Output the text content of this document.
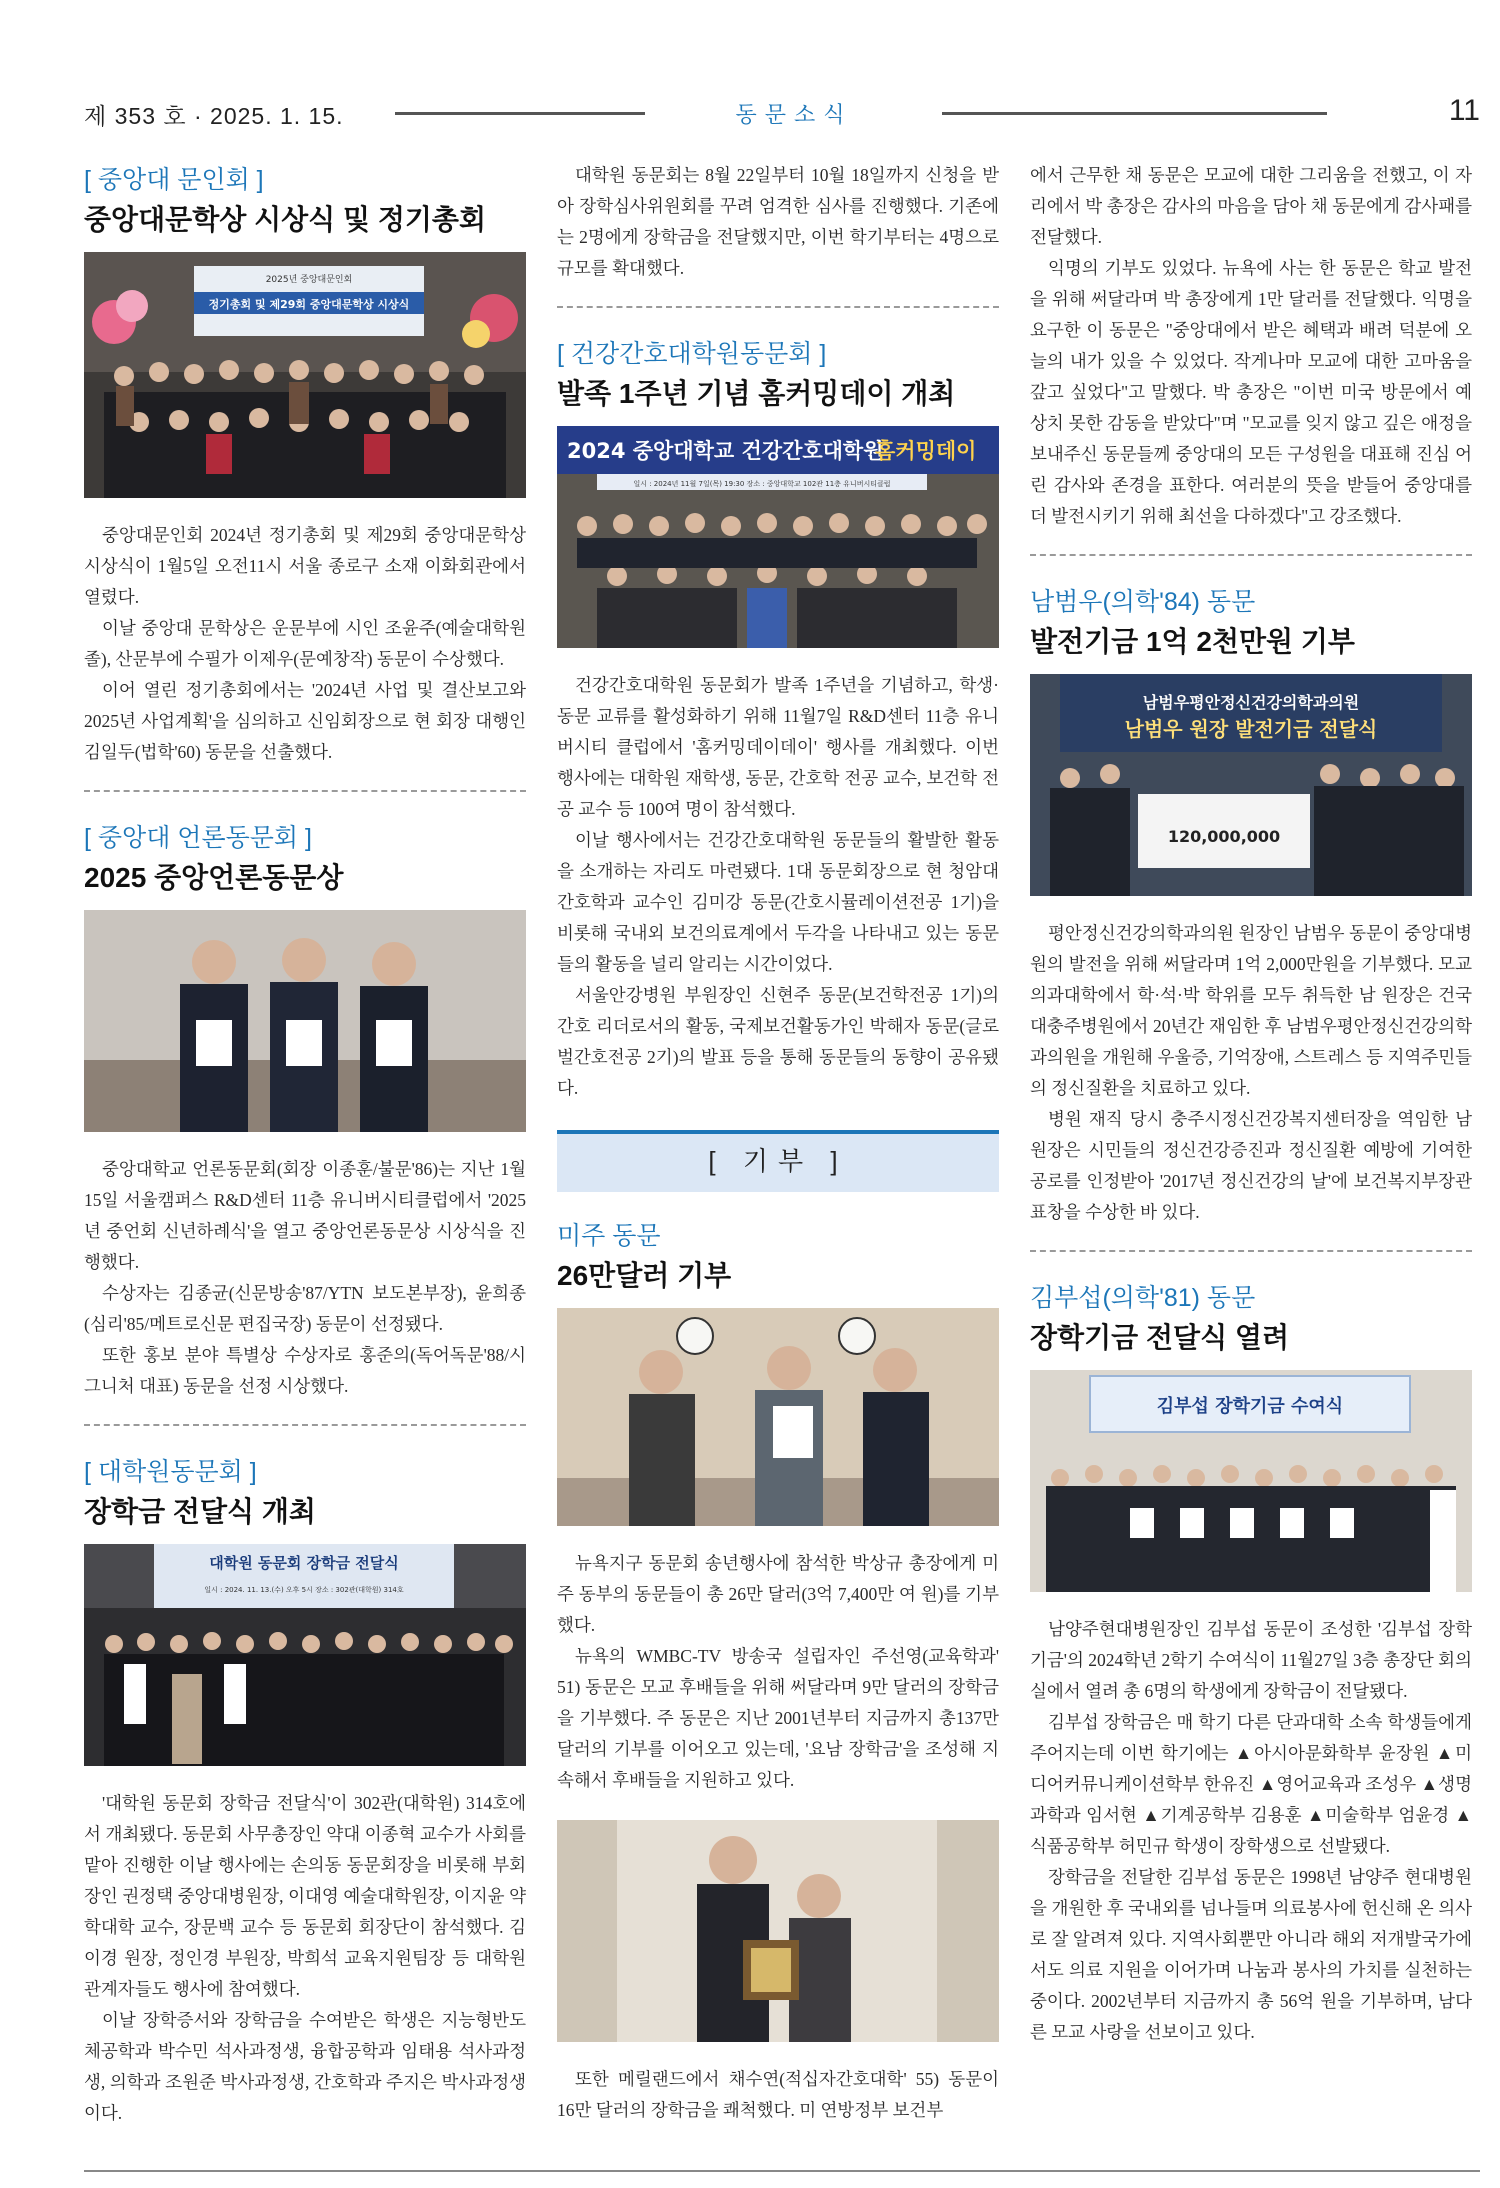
제 353 호 · 2025. 1. 15.	동문소식	11
[ 중앙대 문인회 ]
중앙대문학상 시상식 및 정기총회
2025년 중앙대문인회
정기총회 및 제29회 중앙대문학상 시상식

중앙대문인회 2024년 정기총회 및 제29회 중앙대문학상 시상식이 1월5일 오전11시 서울 종로구 소재 이화회관에서 열렸다.

이날 중앙대 문학상은 운문부에 시인 조윤주(예술대학원 졸), 산문부에 수필가 이제우(문예창작) 동문이 수상했다.

이어 열린 정기총회에서는 '2024년 사업 및 결산보고와 2025년 사업계획'을 심의하고 신임회장으로 현 회장 대행인 김일두(법학'60) 동문을 선출했다.

[ 중앙대 언론동문회 ]
2025 중앙언론동문상

중앙대학교 언론동문회(회장 이종훈/불문'86)는 지난 1월15일 서울캠퍼스 R&D센터 11층 유니버시티클럽에서 '2025년 중언회 신년하례식'을 열고 중앙언론동문상 시상식을 진행했다.

수상자는 김종균(신문방송'87/YTN 보도본부장), 윤희종(심리'85/메트로신문 편집국장) 동문이 선정됐다.

또한 홍보 분야 특별상 수상자로 홍준의(독어독문'88/시그니처 대표) 동문을 선정 시상했다.

[ 대학원동문회 ]
장학금 전달식 개최
대학원 동문회 장학금 전달식
일시 : 2024. 11. 13.(수) 오후 5시 장소 : 302관(대학원) 314호

'대학원 동문회 장학금 전달식'이 302관(대학원) 314호에서 개최됐다. 동문회 사무총장인 약대 이종혁 교수가 사회를 맡아 진행한 이날 행사에는 손의동 동문회장을 비롯해 부회장인 권정택 중앙대병원장, 이대영 예술대학원장, 이지윤 약학대학 교수, 장문백 교수 등 동문회 회장단이 참석했다. 김이경 원장, 정인경 부원장, 박희석 교육지원팀장 등 대학원 관계자들도 행사에 참여했다.

이날 장학증서와 장학금을 수여받은 학생은 지능형반도체공학과 박수민 석사과정생, 융합공학과 임태용 석사과정생, 의학과 조원준 박사과정생, 간호학과 주지은 박사과정생이다.

대학원 동문회는 8월 22일부터 10월 18일까지 신청을 받아 장학심사위원회를 꾸려 엄격한 심사를 진행했다. 기존에는 2명에게 장학금을 전달했지만, 이번 학기부터는 4명으로 규모를 확대했다.

[ 건강간호대학원동문회 ]
발족 1주년 기념 홈커밍데이 개최
2024 중앙대학교 건강간호대학원
홈커밍데이
일시 : 2024년 11월 7일(목) 19:30 장소 : 중앙대학교 102관 11층 유니버시티클럽

건강간호대학원 동문회가 발족 1주년을 기념하고, 학생·동문 교류를 활성화하기 위해 11월7일 R&D센터 11층 유니버시티 클럽에서 '홈커밍데이데이' 행사를 개최했다. 이번 행사에는 대학원 재학생, 동문, 간호학 전공 교수, 보건학 전공 교수 등 100여 명이 참석했다.

이날 행사에서는 건강간호대학원 동문들의 활발한 활동을 소개하는 자리도 마련됐다. 1대 동문회장으로 현 청암대 간호학과 교수인 김미강 동문(간호시뮬레이션전공 1기)을 비롯해 국내외 보건의료계에서 두각을 나타내고 있는 동문들의 활동을 널리 알리는 시간이었다.

서울안강병원 부원장인 신현주 동문(보건학전공 1기)의 간호 리더로서의 활동, 국제보건활동가인 박해자 동문(글로벌간호전공 2기)의 발표 등을 통해 동문들의 동향이 공유됐다.

[ 기부 ]
미주 동문
26만달러 기부

뉴욕지구 동문회 송년행사에 참석한 박상규 총장에게 미주 동부의 동문들이 총 26만 달러(3억 7,400만 여 원)를 기부했다.

뉴욕의 WMBC-TV 방송국 설립자인 주선영(교육학과' 51) 동문은 모교 후배들을 위해 써달라며 9만 달러의 장학금을 기부했다. 주 동문은 지난 2001년부터 지금까지 총137만 달러의 기부를 이어오고 있는데, '요남 장학금'을 조성해 지속해서 후배들을 지원하고 있다.

또한 메릴랜드에서 채수연(적십자간호대학' 55) 동문이 16만 달러의 장학금을 쾌척했다. 미 연방정부 보건부

에서 근무한 채 동문은 모교에 대한 그리움을 전했고, 이 자리에서 박 총장은 감사의 마음을 담아 채 동문에게 감사패를 전달했다.

익명의 기부도 있었다. 뉴욕에 사는 한 동문은 학교 발전을 위해 써달라며 박 총장에게 1만 달러를 전달했다. 익명을 요구한 이 동문은 "중앙대에서 받은 혜택과 배려 덕분에 오늘의 내가 있을 수 있었다. 작게나마 모교에 대한 고마움을 갚고 싶었다"고 말했다. 박 총장은 "이번 미국 방문에서 예상치 못한 감동을 받았다"며 "모교를 잊지 않고 깊은 애정을 보내주신 동문들께 중앙대의 모든 구성원을 대표해 진심 어린 감사와 존경을 표한다. 여러분의 뜻을 받들어 중앙대를 더 발전시키기 위해 최선을 다하겠다"고 강조했다.

남범우(의학'84) 동문
발전기금 1억 2천만원 기부
남범우평안정신건강의학과의원
남범우 원장 발전기금 전달식
120,000,000

평안정신건강의학과의원 원장인 남범우 동문이 중앙대병원의 발전을 위해 써달라며 1억 2,000만원을 기부했다. 모교 의과대학에서 학·석·박 학위를 모두 취득한 남 원장은 건국대충주병원에서 20년간 재임한 후 남범우평안정신건강의학과의원을 개원해 우울증, 기억장애, 스트레스 등 지역주민들의 정신질환을 치료하고 있다.

병원 재직 당시 충주시정신건강복지센터장을 역임한 남 원장은 시민들의 정신건강증진과 정신질환 예방에 기여한 공로를 인정받아 '2017년 정신건강의 날'에 보건복지부장관 표창을 수상한 바 있다.

김부섭(의학'81) 동문
장학기금 전달식 열려
김부섭 장학기금 수여식

남양주현대병원장인 김부섭 동문이 조성한 '김부섭 장학기금'의 2024학년 2학기 수여식이 11월27일 3층 총장단 회의실에서 열려 총 6명의 학생에게 장학금이 전달됐다.

김부섭 장학금은 매 학기 다른 단과대학 소속 학생들에게 주어지는데 이번 학기에는 ▲아시아문화학부 윤장원 ▲미디어커뮤니케이션학부 한유진 ▲영어교육과 조성우 ▲생명과학과 임서현 ▲기계공학부 김용훈 ▲미술학부 엄윤경 ▲식품공학부 허민규 학생이 장학생으로 선발됐다.

장학금을 전달한 김부섭 동문은 1998년 남양주 현대병원을 개원한 후 국내외를 넘나들며 의료봉사에 헌신해 온 의사로 잘 알려져 있다. 지역사회뿐만 아니라 해외 저개발국가에서도 의료 지원을 이어가며 나눔과 봉사의 가치를 실천하는 중이다. 2002년부터 지금까지 총 56억 원을 기부하며, 남다른 모교 사랑을 선보이고 있다.
